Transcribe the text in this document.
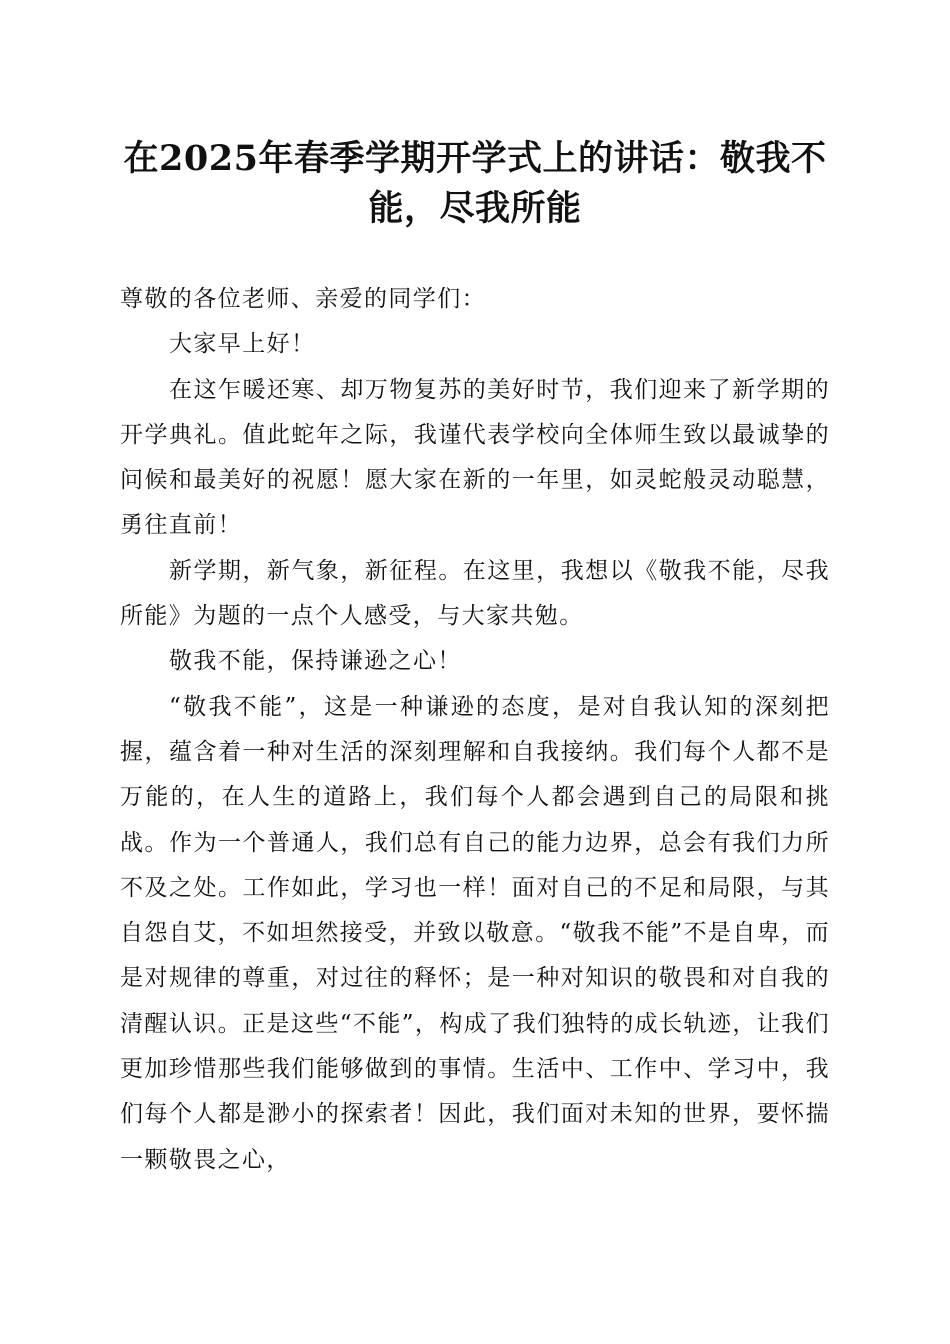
在2025年春季学期开学式上的讲话：敬我不能，尽我所能

尊敬的各位老师、亲爱的同学们：

大家早上好！

在这乍暖还寒、却万物复苏的美好时节，我们迎来了新学期的开学典礼。值此蛇年之际，我谨代表学校向全体师生致以最诚挚的问候和最美好的祝愿！愿大家在新的一年里，如灵蛇般灵动聪慧，勇往直前！

新学期，新气象，新征程。在这里，我想以《敬我不能，尽我所能》为题的一点个人感受，与大家共勉。

敬我不能，保持谦逊之心！

“敬我不能”，这是一种谦逊的态度，是对自我认知的深刻把握，蕴含着一种对生活的深刻理解和自我接纳。我们每个人都不是万能的，在人生的道路上，我们每个人都会遇到自己的局限和挑战。作为一个普通人，我们总有自己的能力边界，总会有我们力所不及之处。工作如此，学习也一样！面对自己的不足和局限，与其自怨自艾，不如坦然接受，并致以敬意。“敬我不能”不是自卑，而是对规律的尊重，对过往的释怀；是一种对知识的敬畏和对自我的清醒认识。正是这些“不能”，构成了我们独特的成长轨迹，让我们更加珍惜那些我们能够做到的事情。生活中、工作中、学习中，我们每个人都是渺小的探索者！因此，我们面对未知的世界，要怀揣一颗敬畏之心，
